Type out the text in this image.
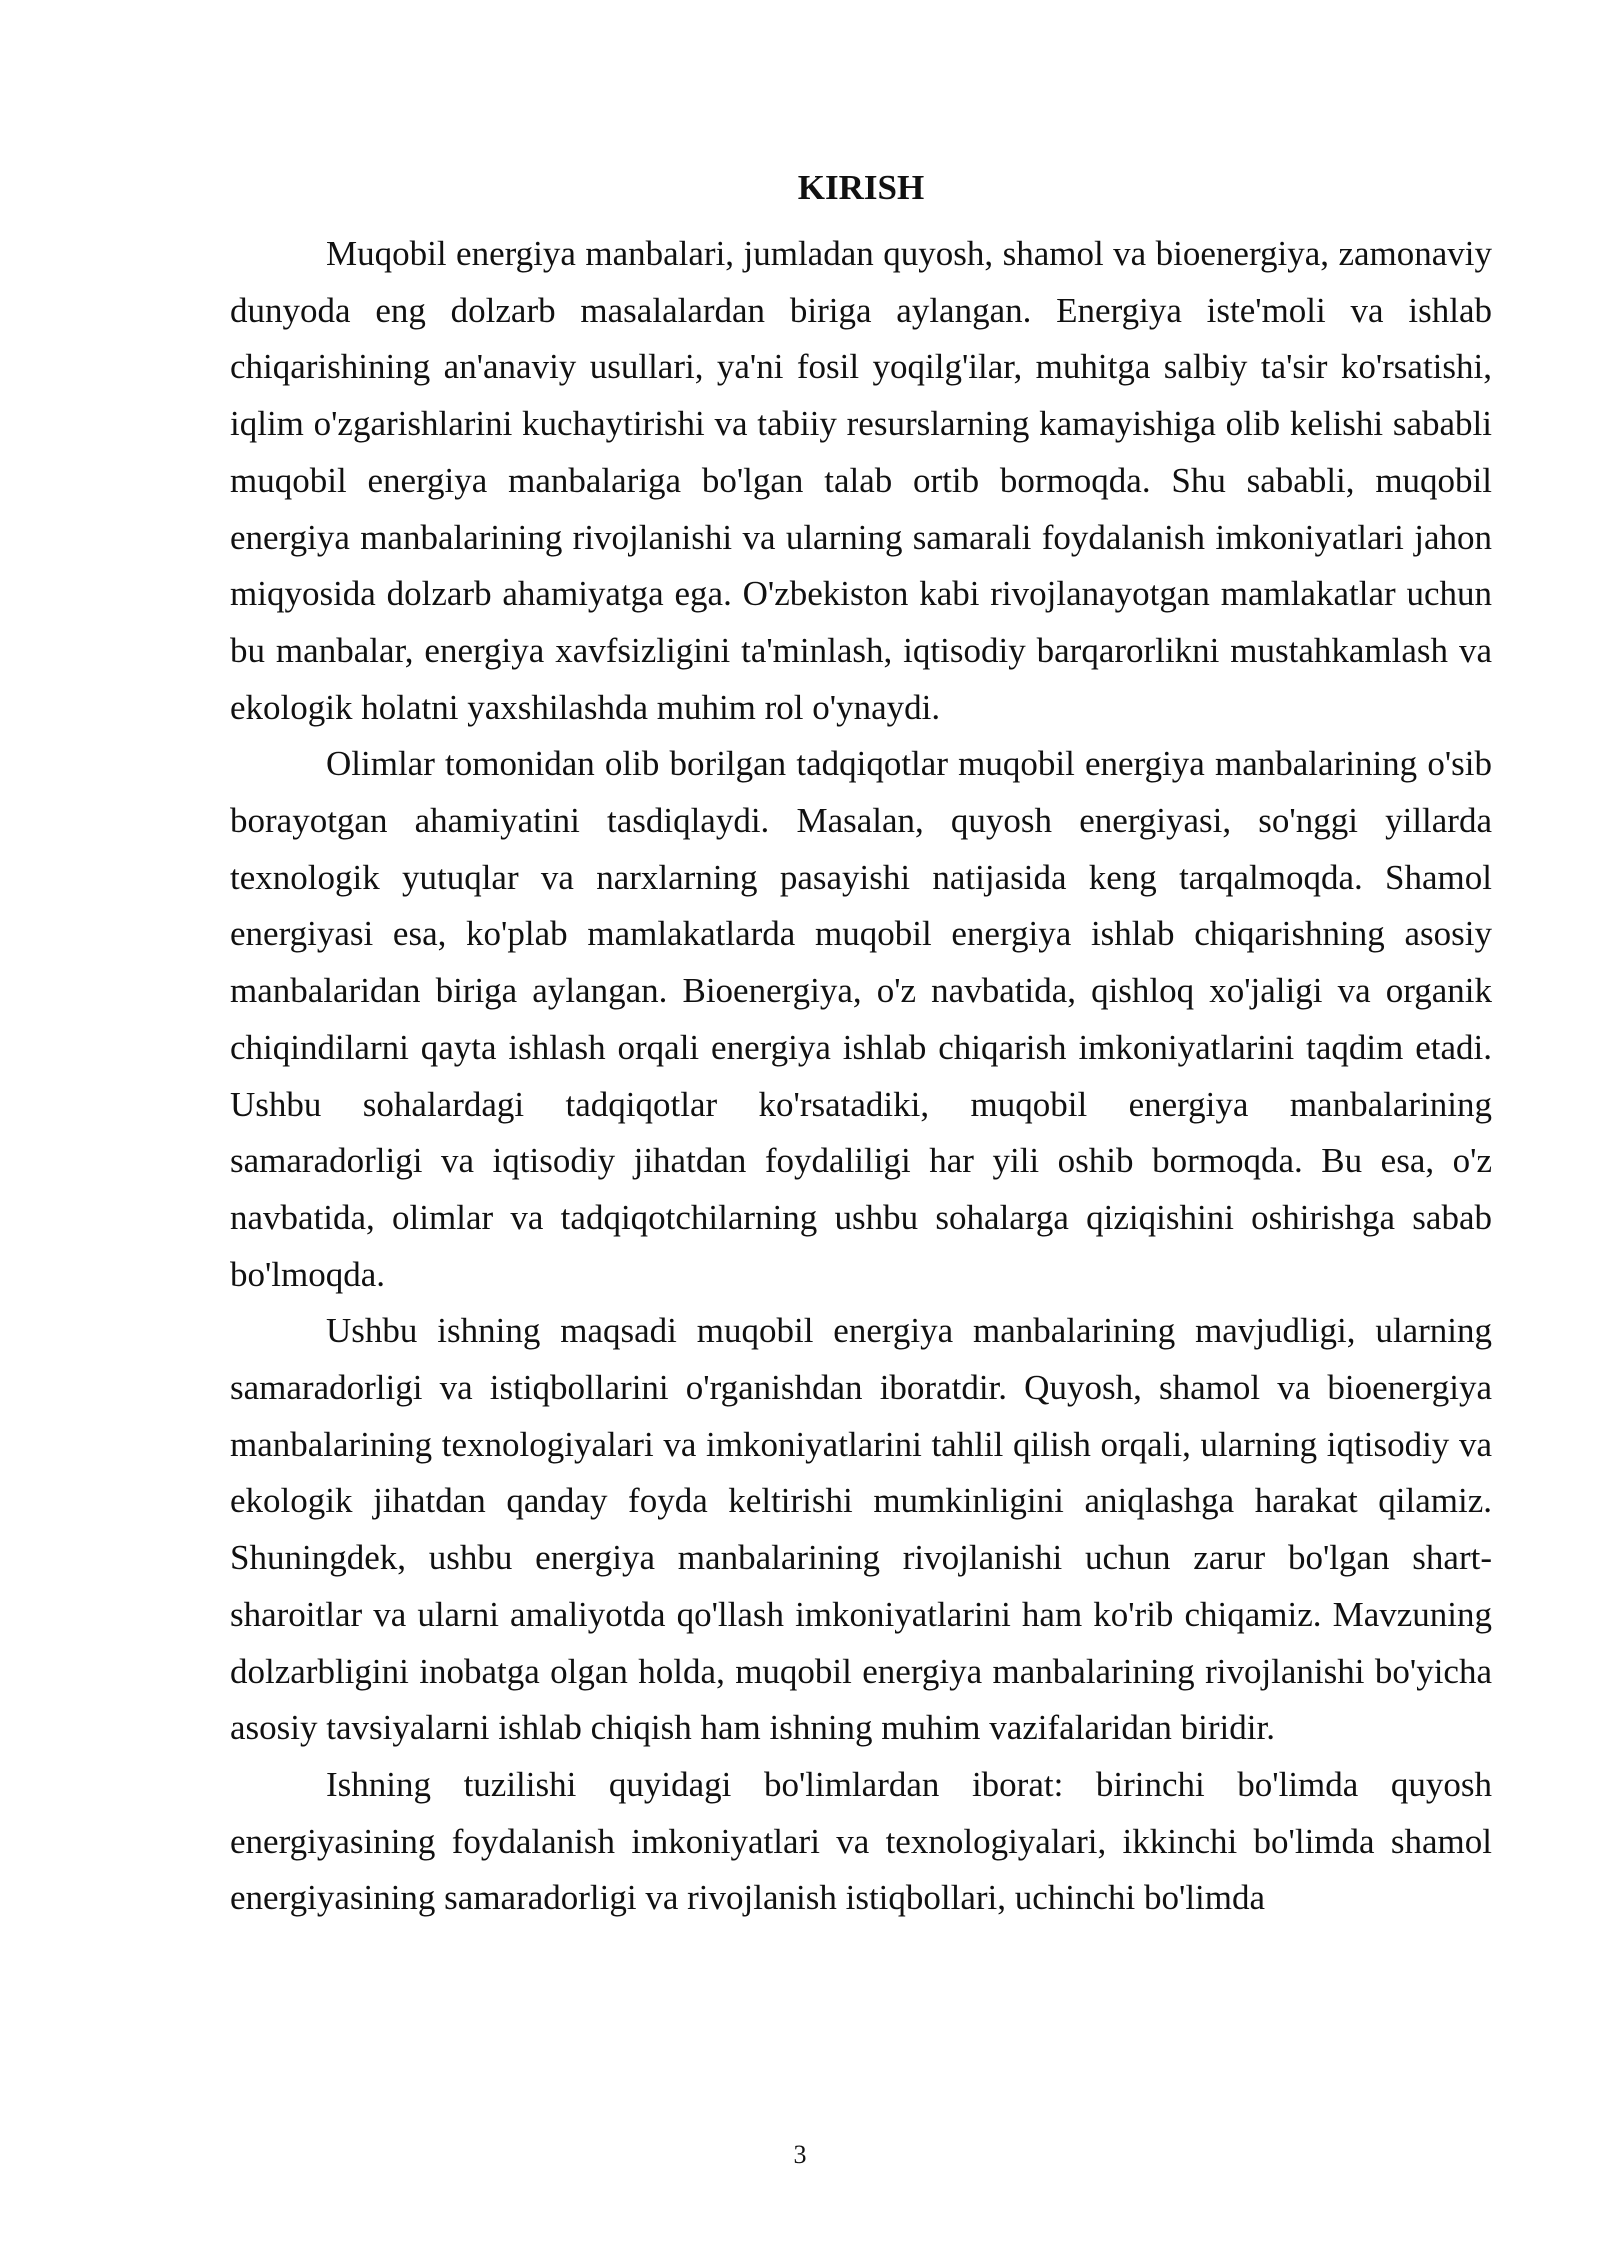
KIRISH

Muqobil energiya manbalari, jumladan quyosh, shamol va bioenergiya, zamonaviy dunyoda eng dolzarb masalalardan biriga aylangan. Energiya iste'moli va ishlab chiqarishining an'anaviy usullari, ya'ni fosil yoqilg'ilar, muhitga salbiy ta'sir ko'rsatishi, iqlim o'zgarishlarini kuchaytirishi va tabiiy resurslarning kamayishiga olib kelishi sababli muqobil energiya manbalariga bo'lgan talab ortib bormoqda. Shu sababli, muqobil energiya manbalarining rivojlanishi va ularning samarali foydalanish imkoniyatlari jahon miqyosida dolzarb ahamiyatga ega. O'zbekiston kabi rivojlanayotgan mamlakatlar uchun bu manbalar, energiya xavfsizligini ta'minlash, iqtisodiy barqarorlikni mustahkamlash va ekologik holatni yaxshilashda muhim rol o'ynaydi.

Olimlar tomonidan olib borilgan tadqiqotlar muqobil energiya manbalarining o'sib borayotgan ahamiyatini tasdiqlaydi. Masalan, quyosh energiyasi, so'nggi yillarda texnologik yutuqlar va narxlarning pasayishi natijasida keng tarqalmoqda. Shamol energiyasi esa, ko'plab mamlakatlarda muqobil energiya ishlab chiqarishning asosiy manbalaridan biriga aylangan. Bioenergiya, o'z navbatida, qishloq xo'jaligi va organik chiqindilarni qayta ishlash orqali energiya ishlab chiqarish imkoniyatlarini taqdim etadi. Ushbu sohalardagi tadqiqotlar ko'rsatadiki, muqobil energiya manbalarining samaradorligi va iqtisodiy jihatdan foydaliligi har yili oshib bormoqda. Bu esa, o'z navbatida, olimlar va tadqiqotchilarning ushbu sohalarga qiziqishini oshirishga sabab bo'lmoqda.

Ushbu ishning maqsadi muqobil energiya manbalarining mavjudligi, ularning samaradorligi va istiqbollarini o'rganishdan iboratdir. Quyosh, shamol va bioenergiya manbalarining texnologiyalari va imkoniyatlarini tahlil qilish orqali, ularning iqtisodiy va ekologik jihatdan qanday foyda keltirishi mumkinligini aniqlashga harakat qilamiz. Shuningdek, ushbu energiya manbalarining rivojlanishi uchun zarur bo'lgan shart-sharoitlar va ularni amaliyotda qo'llash imkoniyatlarini ham ko'rib chiqamiz. Mavzuning dolzarbligini inobatga olgan holda, muqobil energiya manbalarining rivojlanishi bo'yicha asosiy tavsiyalarni ishlab chiqish ham ishning muhim vazifalaridan biridir.

Ishning tuzilishi quyidagi bo'limlardan iborat: birinchi bo'limda quyosh energiyasining foydalanish imkoniyatlari va texnologiyalari, ikkinchi bo'limda shamol energiyasining samaradorligi va rivojlanish istiqbollari, uchinchi bo'limda

3
